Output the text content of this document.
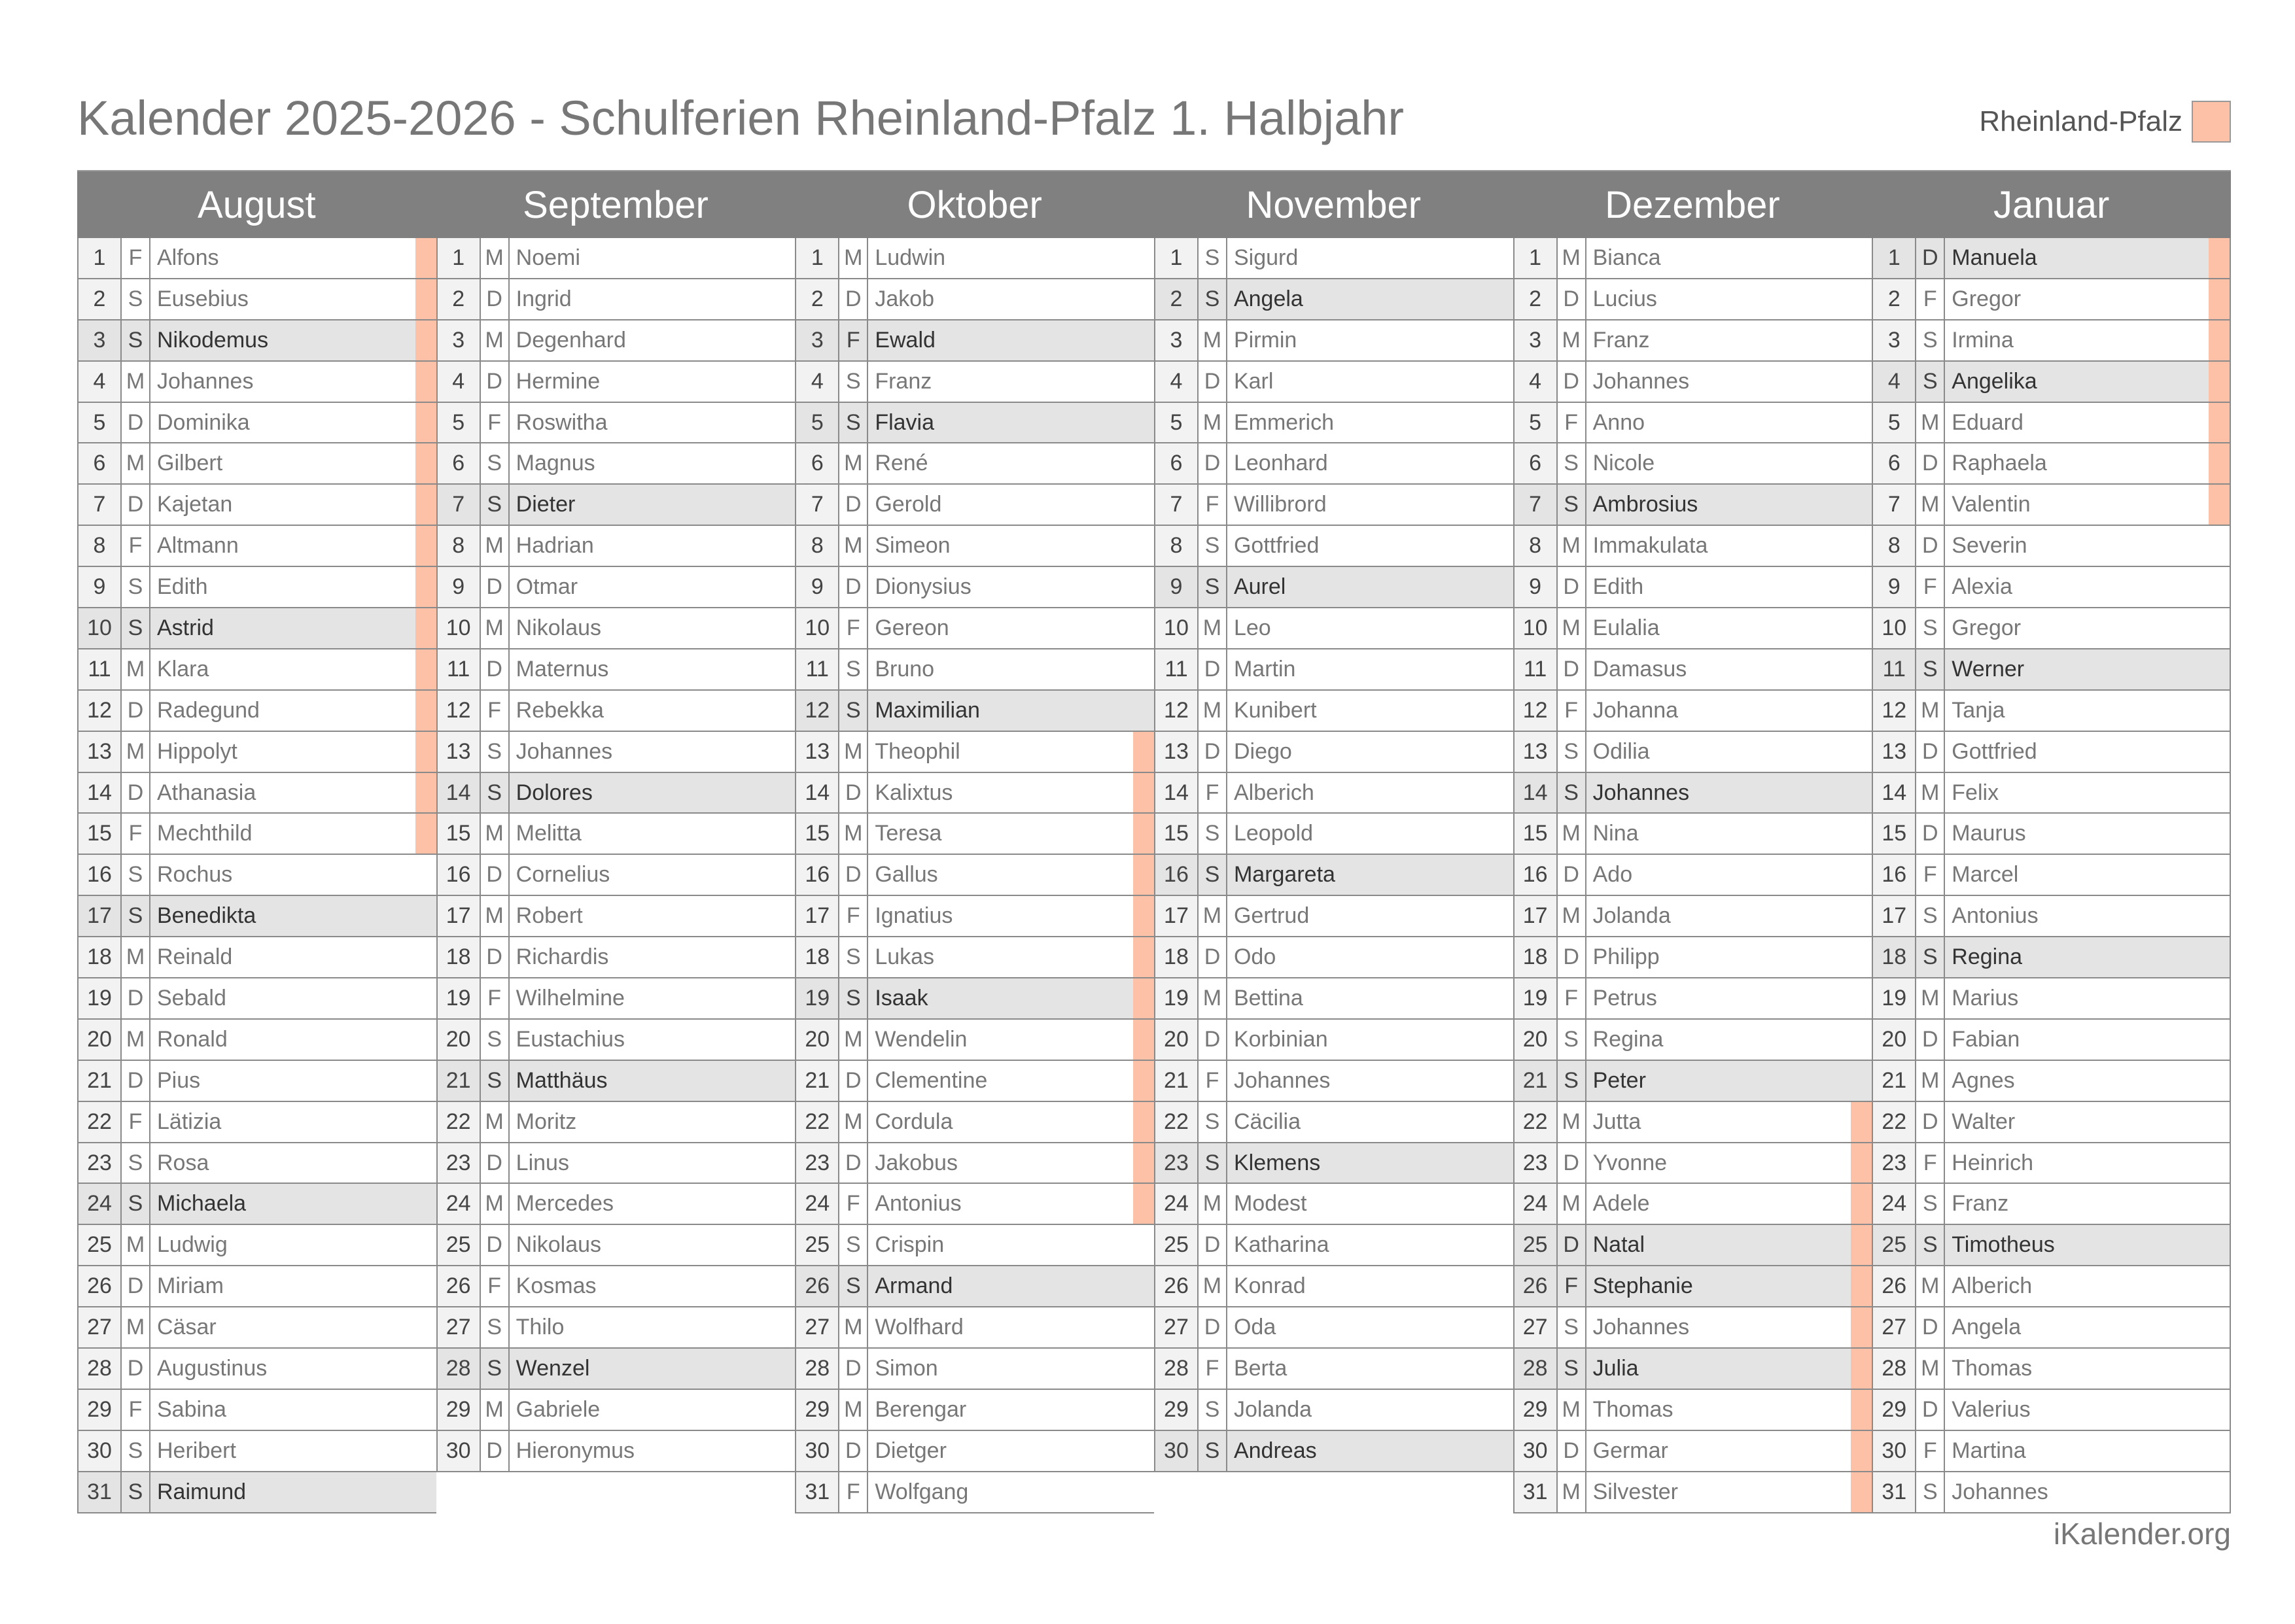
Kalender 2025-2026 - Schulferien Rheinland-Pfalz 1. Halbjahr	Rheinland-Pfalz
August
1	F Alfons
2	S Eusebius
3	S Nikodemus
4 M Johannes
5 D Dominika
6 M Gilbert
7 D Kajetan
8	F Altmann
9	S Edith
10 S Astrid
11 M Klara
12 D Radegund
13 M Hippolyt
14 D Athanasia
15 F Mechthild
16 S Rochus
17 S Benedikta
18 M Reinald
19 D Sebald
20 M Ronald
21 D Pius
22 F Lätizia
23 S Rosa
24 S Michaela
25 M Ludwig
26 D Miriam
27 M Cäsar
28 D Augustinus
29 F Sabina
30 S Heribert
31 S Raimund
September
1 M Noemi
2 D Ingrid
3 M Degenhard
4 D Hermine
5	F Roswitha
6	S Magnus
7	S Dieter
8 M Hadrian
9 D Otmar
10 M Nikolaus
11 D Maternus
12 F Rebekka
13 S Johannes
14 S Dolores
15 M Melitta
16 D Cornelius
17 M Robert
18 D Richardis
19 F Wilhelmine
20 S Eustachius
21 S Matthäus
22 M Moritz
23 D Linus
24 M Mercedes
25 D Nikolaus
26 F Kosmas
27 S Thilo
28 S Wenzel
29 M Gabriele
30 D Hieronymus
Oktober
1 M Ludwin
2 D Jakob
3	F Ewald
4	S Franz
5	S Flavia
6 M René
7 D Gerold
8 M Simeon
9 D Dionysius
10 F Gereon
11 S Bruno
12 S Maximilian
13 M Theophil
14 D Kalixtus
15 M Teresa
16 D Gallus
17 F Ignatius
18 S Lukas
19 S Isaak
20 M Wendelin
21 D Clementine
22 M Cordula
23 D Jakobus
24 F Antonius
25 S Crispin
26 S Armand
27 M Wolfhard
28 D Simon
29 M Berengar
30 D Dietger
31 F Wolfgang
November
1	S Sigurd
2	S Angela
3 M Pirmin
4 D Karl
5 M Emmerich
6 D Leonhard
7	F Willibrord
8	S Gottfried
9	S Aurel
10 M Leo
11 D Martin
12 M Kunibert
13 D Diego
14 F Alberich
15 S Leopold
16 S Margareta
17 M Gertrud
18 D Odo
19 M Bettina
20 D Korbinian
21 F Johannes
22 S Cäcilia
23 S Klemens
24 M Modest
25 D Katharina
26 M Konrad
27 D Oda
28 F Berta
29 S Jolanda
30 S Andreas
Dezember
1 M Bianca
2 D Lucius
3 M Franz
4 D Johannes
5	F Anno
6	S Nicole
7	S Ambrosius
8 M Immakulata
9 D Edith
10 M Eulalia
11 D Damasus
12 F Johanna
13 S Odilia
14 S Johannes
15 M Nina
16 D Ado
17 M Jolanda
18 D Philipp
19 F Petrus
20 S Regina
21 S Peter
22 M Jutta
23 D Yvonne
24 M Adele
25 D Natal
26 F Stephanie
27 S Johannes
28 S Julia
29 M Thomas
30 D Germar
31 M Silvester
Januar
1 D Manuela
2	F Gregor
3	S Irmina
4	S Angelika
5 M Eduard
6 D Raphaela
7 M Valentin
8 D Severin
9	F Alexia
10 S Gregor
11 S Werner
12 M Tanja
13 D Gottfried
14 M Felix
15 D Maurus
16 F Marcel
17 S Antonius
18 S Regina
19 M Marius
20 D Fabian
21 M Agnes
22 D Walter
23 F Heinrich
24 S Franz
25 S Timotheus
26 M Alberich
27 D Angela
28 M Thomas
29 D Valerius
30 F Martina
31 S Johannes
iKalender.org
